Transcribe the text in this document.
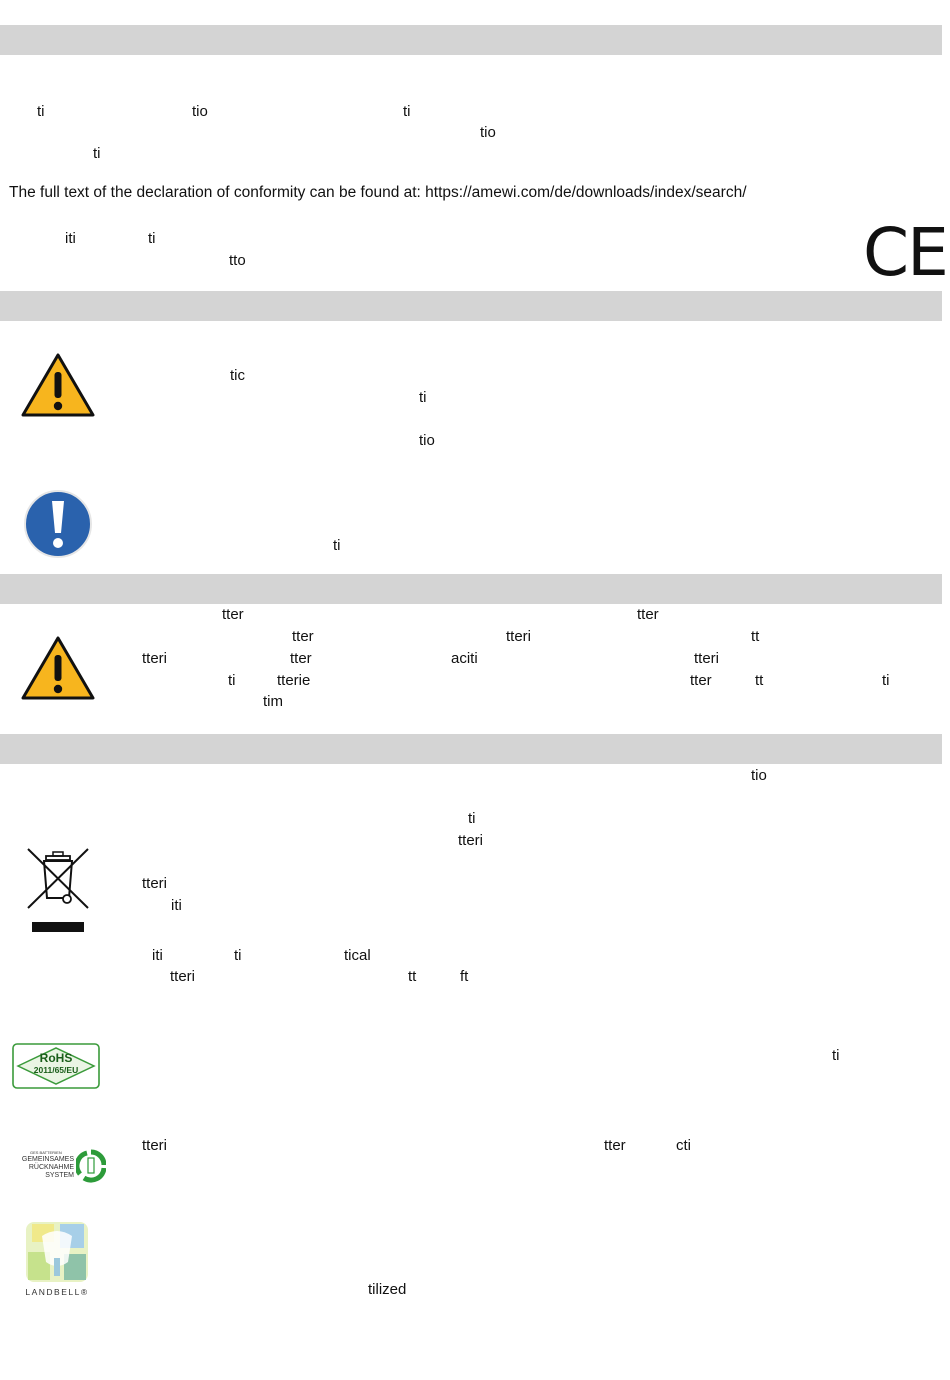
ti	tio	ti
tio
ti
The full text of the declaration of conformity can be found at: https://amewi.com/de/downloads/index/search/
iti	ti
tto	CE
tic
ti
tio
ti
tter	tter
tter	tteri	tt
tteri	tter	aciti	tteri
ti	tterie	tter	tt	ti
tim
tio
ti
tteri
tteri
iti
iti	ti	tical
tteri	tt	ft
RoHS
2011/65/EU
ti
GES BATTERIEN
GEMEINSAMES
RÜCKNAHME
SYSTEM
tteri	tter	cti
LANDBELL®	tilized
